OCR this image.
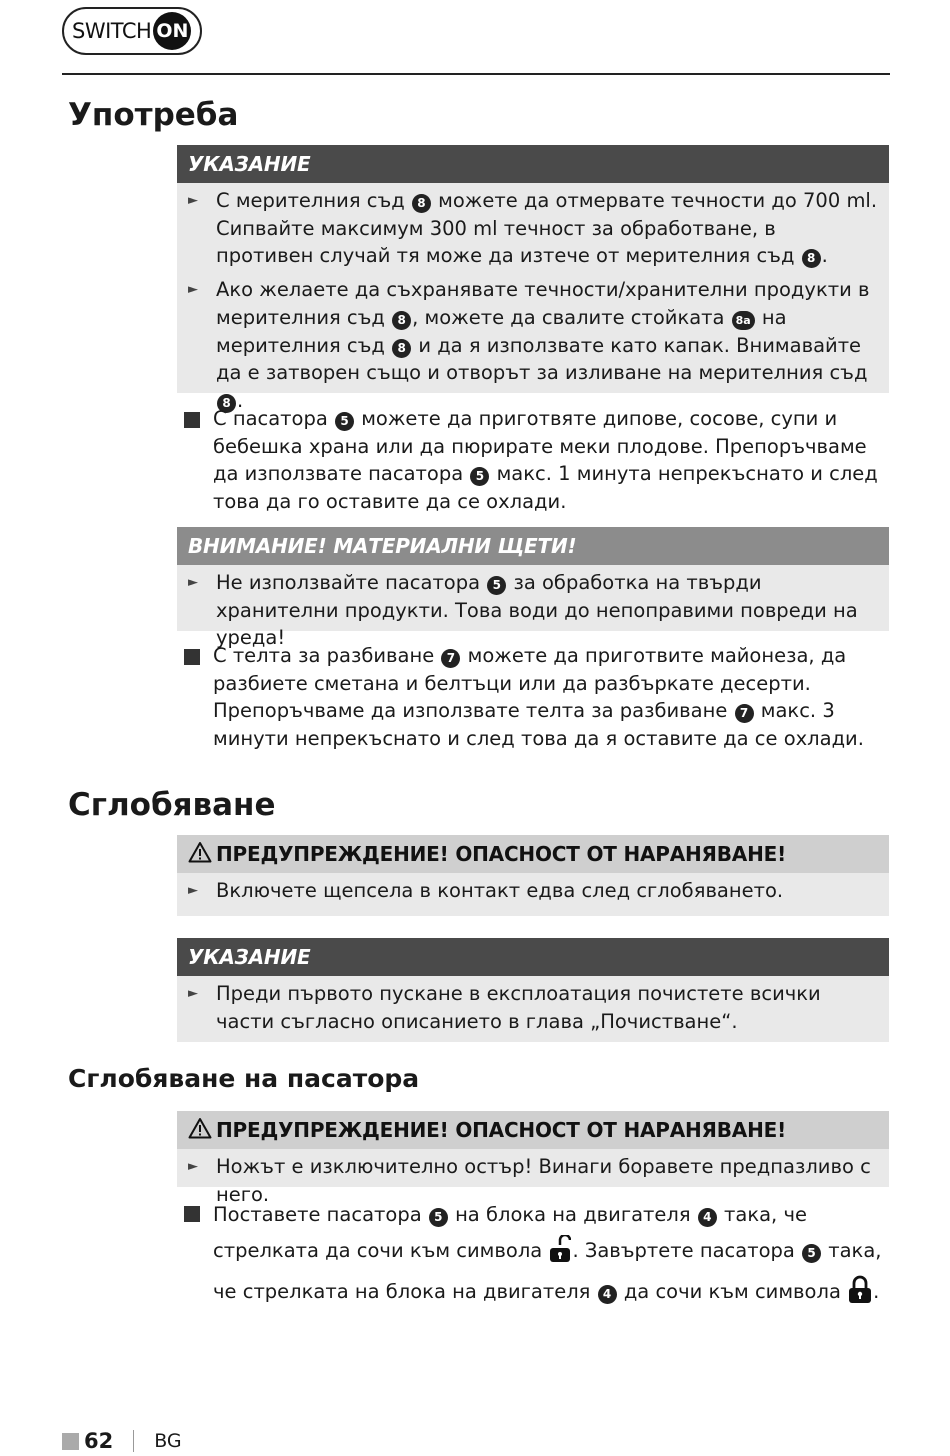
SWITCH ON
Употреба
УКАЗАНИЕ
► С мерителния съд 8 можете да отмервате течности до 700 ml. Сипвайте максимум 300 ml течност за обработване, в противен случай тя може да изтече от мерителния съд 8 .
► Ако желаете да съхранявате течности/хранителни продукти в мерителния съд 8 , можете да свалите стойката 8a на мерителния съд 8 и да я използвате като капак. Внимавайте да е затворен също и отворът за изливане на мерителния съд 8 .
С пасатора 5 можете да приготвяте дипове, сосове, супи и бебешка храна или да пюрирате меки плодове. Препоръчваме да използвате пасатора 5 макс. 1 минута непрекъснато и след това да го оставите да се охлади.
ВНИМАНИЕ! МАТЕРИАЛНИ ЩЕТИ!
► Не използвайте пасатора 5 за обработка на твърди хранителни продукти. Това води до непоправими повреди на уреда!
С телта за разбиване 7 можете да приготвите майонеза, да разбиете сметана и белтъци или да разбъркате десерти. Препоръчваме да използвате телта за разбиване 7 макс. 3 минути непрекъснато и след това да я оставите да се охлади.
Сглобяване
ПРЕДУПРЕЖДЕНИЕ! ОПАСНОСТ ОТ НАРАНЯВАНЕ!
► Включете щепсела в контакт едва след сглобяването.
УКАЗАНИЕ
► Преди първото пускане в експлоатация почистете всички части съгласно описанието в глава „Почистване“.
Сглобяване на пасатора
ПРЕДУПРЕЖДЕНИЕ! ОПАСНОСТ ОТ НАРАНЯВАНЕ!
► Ножът е изключително остър! Винаги боравете предпазливо с него.
Поставете пасатора 5 на блока на двигателя 4 така, че стрелката да сочи към символа . Завъртете пасатора 5 така, че стрелката на блока на двигателя 4 да сочи към символа .
62 BG
